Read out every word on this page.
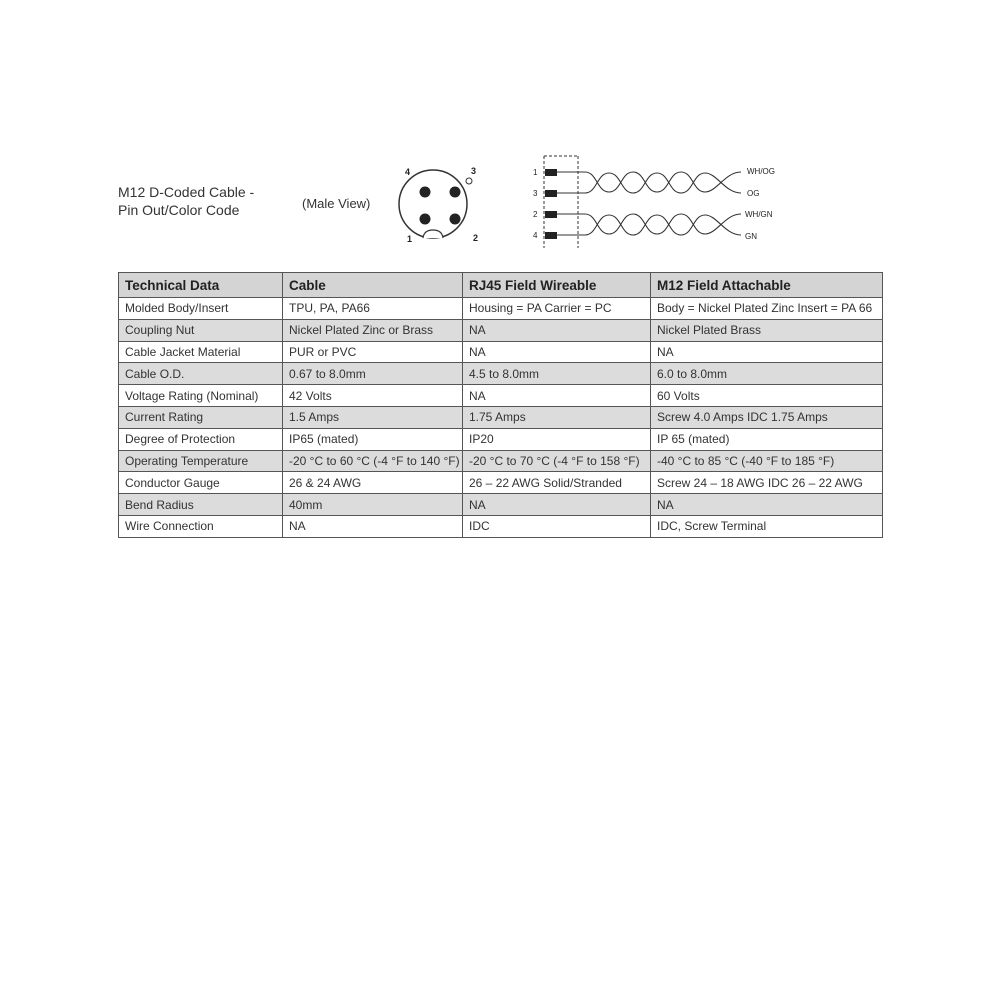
M12 D-Coded Cable -
Pin Out/Color Code	(Male View)
4	3
1	2
1
3
2
4
WH/OG
OG
WH/GN
GN
Technical Data	Cable	RJ45 Field Wireable	M12 Field Attachable
Molded Body/Insert	TPU, PA, PA66	Housing = PA Carrier = PC	Body = Nickel Plated Zinc Insert = PA 66
Coupling Nut	Nickel Plated Zinc or Brass	NA	Nickel Plated Brass
Cable Jacket Material	PUR or PVC	NA	NA
Cable O.D.	0.67 to 8.0mm	4.5 to 8.0mm	6.0 to 8.0mm
Voltage Rating (Nominal)	42 Volts	NA	60 Volts
Current Rating	1.5 Amps	1.75 Amps	Screw 4.0 Amps IDC 1.75 Amps
Degree of Protection	IP65 (mated)	IP20	IP 65 (mated)
Operating Temperature	-20 °C to 60 °C (-4 °F to 140 °F)	-20 °C to 70 °C (-4 °F to 158 °F)	-40 °C to 85 °C (-40 °F to 185 °F)
Conductor Gauge	26 & 24 AWG	26 – 22 AWG Solid/Stranded	Screw 24 – 18 AWG IDC 26 – 22 AWG
Bend Radius	40mm	NA	NA
Wire Connection	NA	IDC	IDC, Screw Terminal
